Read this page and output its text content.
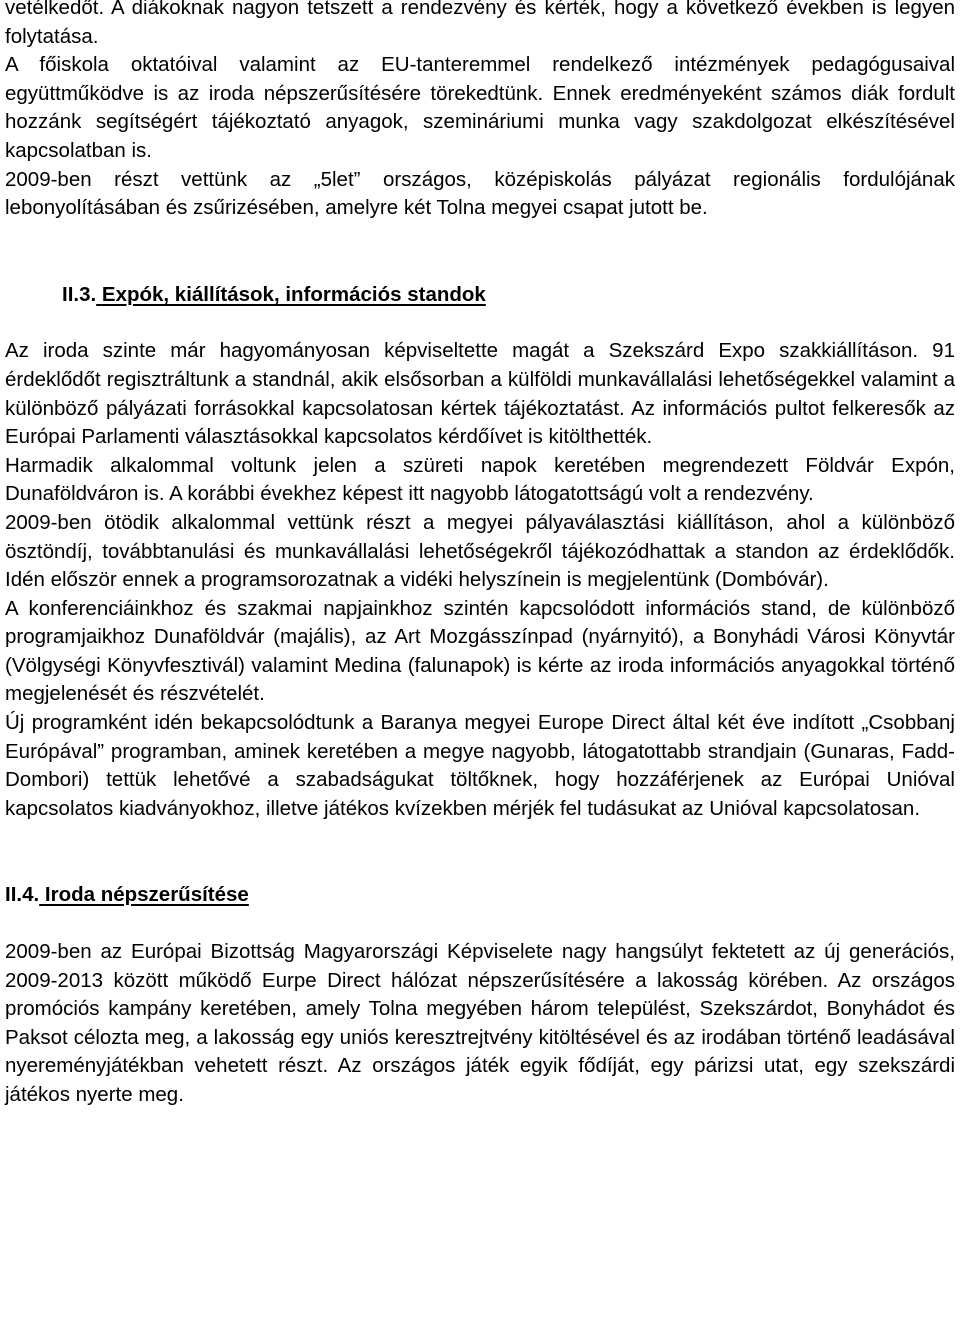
vetélkedőt. A diákoknak nagyon tetszett a rendezvény és kérték, hogy a következő években is legyen folytatása.

A főiskola oktatóival valamint az EU-tanteremmel rendelkező intézmények pedagógusaival együttműködve is az iroda népszerűsítésére törekedtünk. Ennek eredményeként számos diák fordult hozzánk segítségért tájékoztató anyagok, szemináriumi munka vagy szakdolgozat elkészítésével kapcsolatban is.

2009-ben részt vettünk az „5let” országos, középiskolás pályázat regionális fordulójának lebonyolításában és zsűrizésében, amelyre két Tolna megyei csapat jutott be.

II.3. Expók, kiállítások, információs standok

Az iroda szinte már hagyományosan képviseltette magát a Szekszárd Expo szakkiállításon. 91 érdeklődőt regisztráltunk a standnál, akik elsősorban a külföldi munkavállalási lehetőségekkel valamint a különböző pályázati forrásokkal kapcsolatosan kértek tájékoztatást. Az információs pultot felkeresők az Európai Parlamenti választásokkal kapcsolatos kérdőívet is kitölthették.

Harmadik alkalommal voltunk jelen a szüreti napok keretében megrendezett Földvár Expón, Dunaföldváron is. A korábbi évekhez képest itt nagyobb látogatottságú volt a rendezvény.

2009-ben ötödik alkalommal vettünk részt a megyei pályaválasztási kiállításon, ahol a különböző ösztöndíj, továbbtanulási és munkavállalási lehetőségekről tájékozódhattak a standon az érdeklődők. Idén először ennek a programsorozatnak a vidéki helyszínein is megjelentünk (Dombóvár).

A konferenciáinkhoz és szakmai napjainkhoz szintén kapcsolódott információs stand, de különböző programjaikhoz Dunaföldvár (majális), az Art Mozgásszínpad (nyárnyitó), a Bonyhádi Városi Könyvtár (Völgységi Könyvfesztivál) valamint Medina (falunapok) is kérte az iroda információs anyagokkal történő megjelenését és részvételét.

Új programként idén bekapcsolódtunk a Baranya megyei Europe Direct által két éve indított „Csobbanj Európával” programban, aminek keretében a megye nagyobb, látogatottabb strandjain (Gunaras, Fadd-Dombori) tettük lehetővé a szabadságukat töltőknek, hogy hozzáférjenek az Európai Unióval kapcsolatos kiadványokhoz, illetve játékos kvízekben mérjék fel tudásukat az Unióval kapcsolatosan.

II.4. Iroda népszerűsítése

2009-ben az Európai Bizottság Magyarországi Képviselete nagy hangsúlyt fektetett az új generációs, 2009-2013 között működő Eurpe Direct hálózat népszerűsítésére a lakosság körében. Az országos promóciós kampány keretében, amely Tolna megyében három települést, Szekszárdot, Bonyhádot és Paksot célozta meg, a lakosság egy uniós keresztrejtvény kitöltésével és az irodában történő leadásával nyereményjátékban vehetett részt. Az országos játék egyik fődíját, egy párizsi utat, egy szekszárdi játékos nyerte meg.
